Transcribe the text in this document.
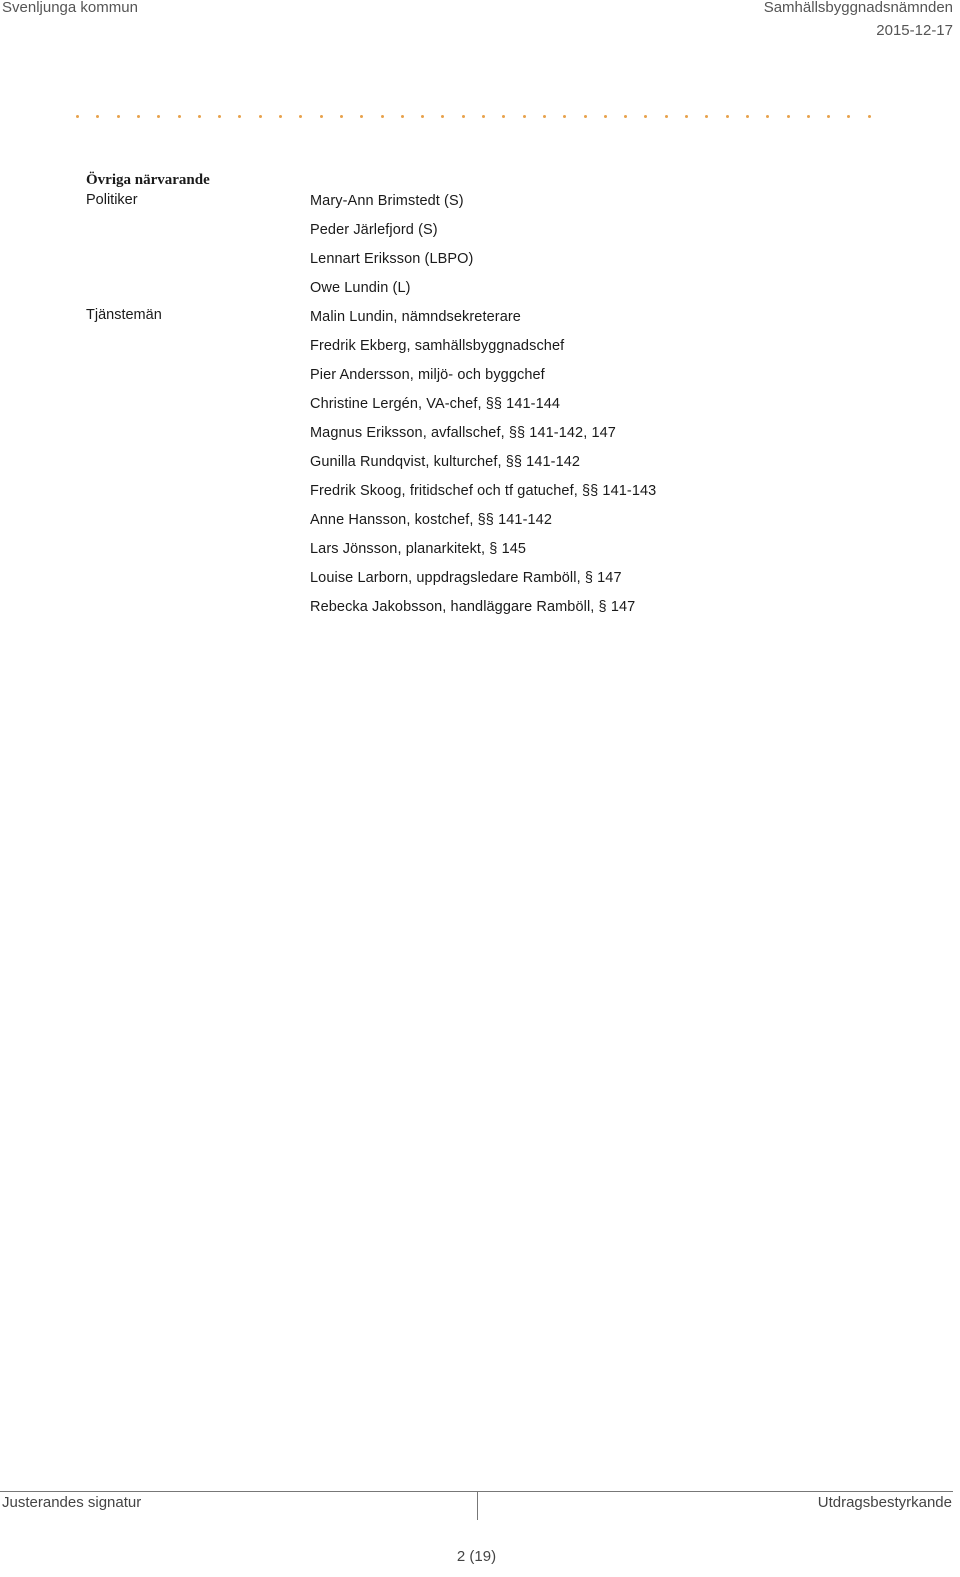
Svenljunga kommun	Samhällsbyggnadsnämnden
2015-12-17
Övriga närvarande
Politiker
Tjänstemän
Mary-Ann Brimstedt (S)
Peder Järlefjord (S)
Lennart Eriksson (LBPO)
Owe Lundin (L)
Malin Lundin, nämndsekreterare
Fredrik Ekberg, samhällsbyggnadschef
Pier Andersson, miljö- och byggchef
Christine Lergén, VA-chef, §§ 141-144
Magnus Eriksson, avfallschef, §§ 141-142, 147
Gunilla Rundqvist, kulturchef, §§ 141-142
Fredrik Skoog, fritidschef och tf gatuchef, §§ 141-143
Anne Hansson, kostchef, §§ 141-142
Lars Jönsson, planarkitekt, § 145
Louise Larborn, uppdragsledare Ramböll, § 147
Rebecka Jakobsson, handläggare Ramböll, § 147
Justerandes signatur	Utdragsbestyrkande
2 (19)
